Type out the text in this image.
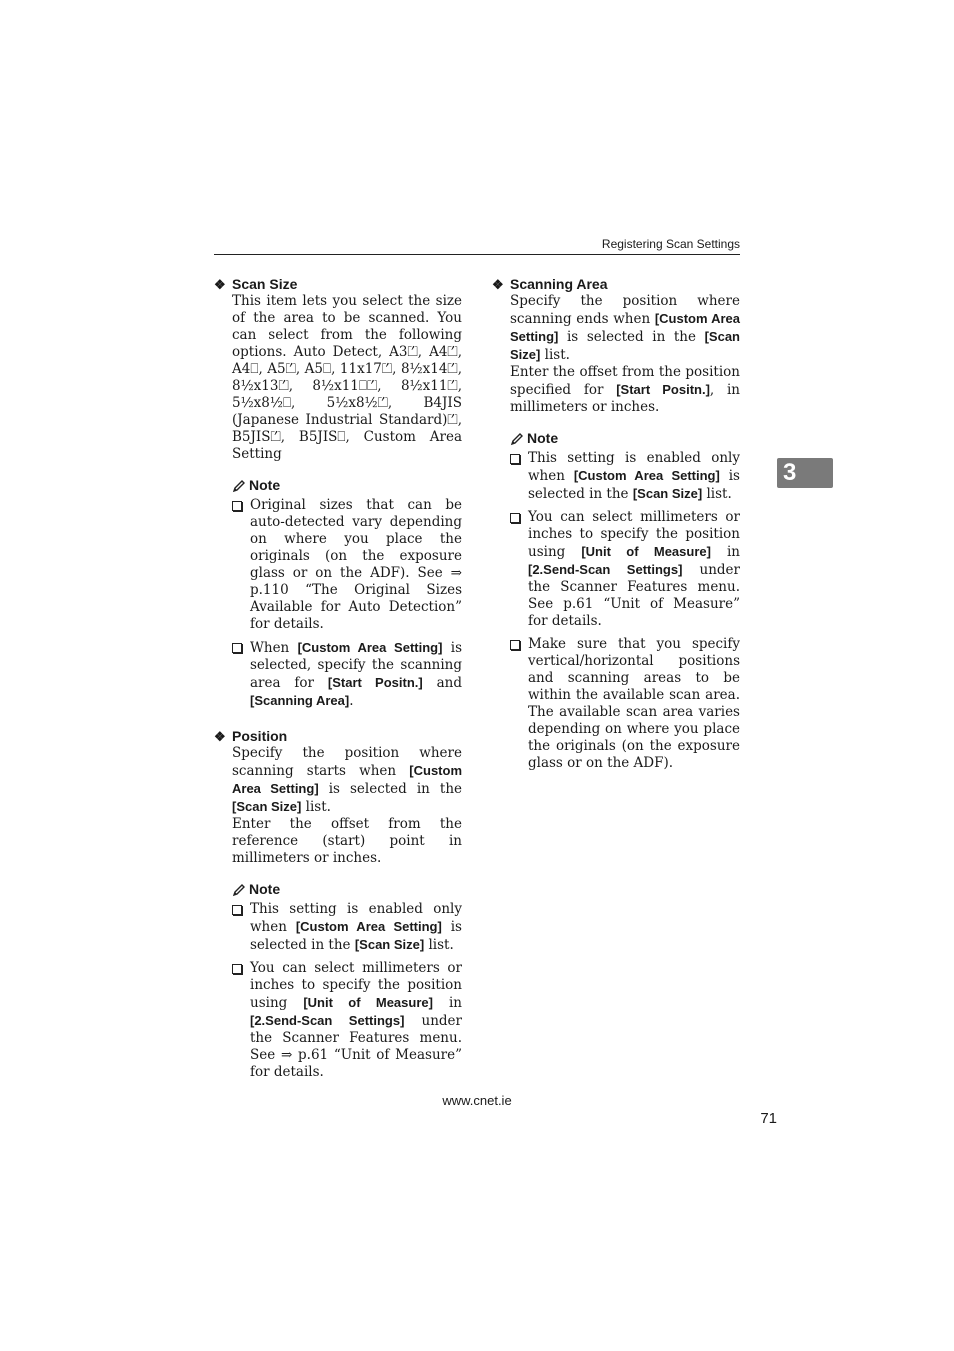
Registering Scan Settings
3
❖ Scan Size
This item lets you select the size of the area to be scanned. You can select from the following options. Auto Detect, A3⏍, A4⏍, A4⎕, A5⏍, A5⎕, 11x17⏍, 8½x14⏍, 8½x13⏍, 8½x11⎕⏍, 8½x11⏍, 5½x8½⎕, 5½x8½⏍, B4JIS (Japanese Industrial Standard)⏍, B5JIS⏍, B5JIS⎕, Custom Area Setting
Note
Original sizes that can be auto-detected vary depending on where you place the originals (on the exposure glass or on the ADF). See ⇒ p.110 “The Original Sizes Available for Auto Detection” for details.
When [Custom Area Setting] is selected, specify the scanning area for [Start Positn.] and [Scanning Area].
❖ Position
Specify the position where scanning starts when [Custom Area Setting] is selected in the [Scan Size] list.
Enter the offset from the reference (start) point in millimeters or inches.
Note
This setting is enabled only when [Custom Area Setting] is selected in the [Scan Size] list.
You can select millimeters or inches to specify the position using [Unit of Measure] in [2.Send-Scan Settings] under the Scanner Features menu. See ⇒ p.61 “Unit of Measure” for details.
❖ Scanning Area
Specify the position where scanning ends when [Custom Area Setting] is selected in the [Scan Size] list.
Enter the offset from the position specified for [Start Positn.], in millimeters or inches.
Note
This setting is enabled only when [Custom Area Setting] is selected in the [Scan Size] list.
You can select millimeters or inches to specify the position using [Unit of Measure] in [2.Send-Scan Settings] under the Scanner Features menu. See p.61 “Unit of Measure” for details.
Make sure that you specify vertical/horizontal positions and scanning areas to be within the available scan area. The available scan area varies depending on where you place the originals (on the exposure glass or on the ADF).
www.cnet.ie
71
